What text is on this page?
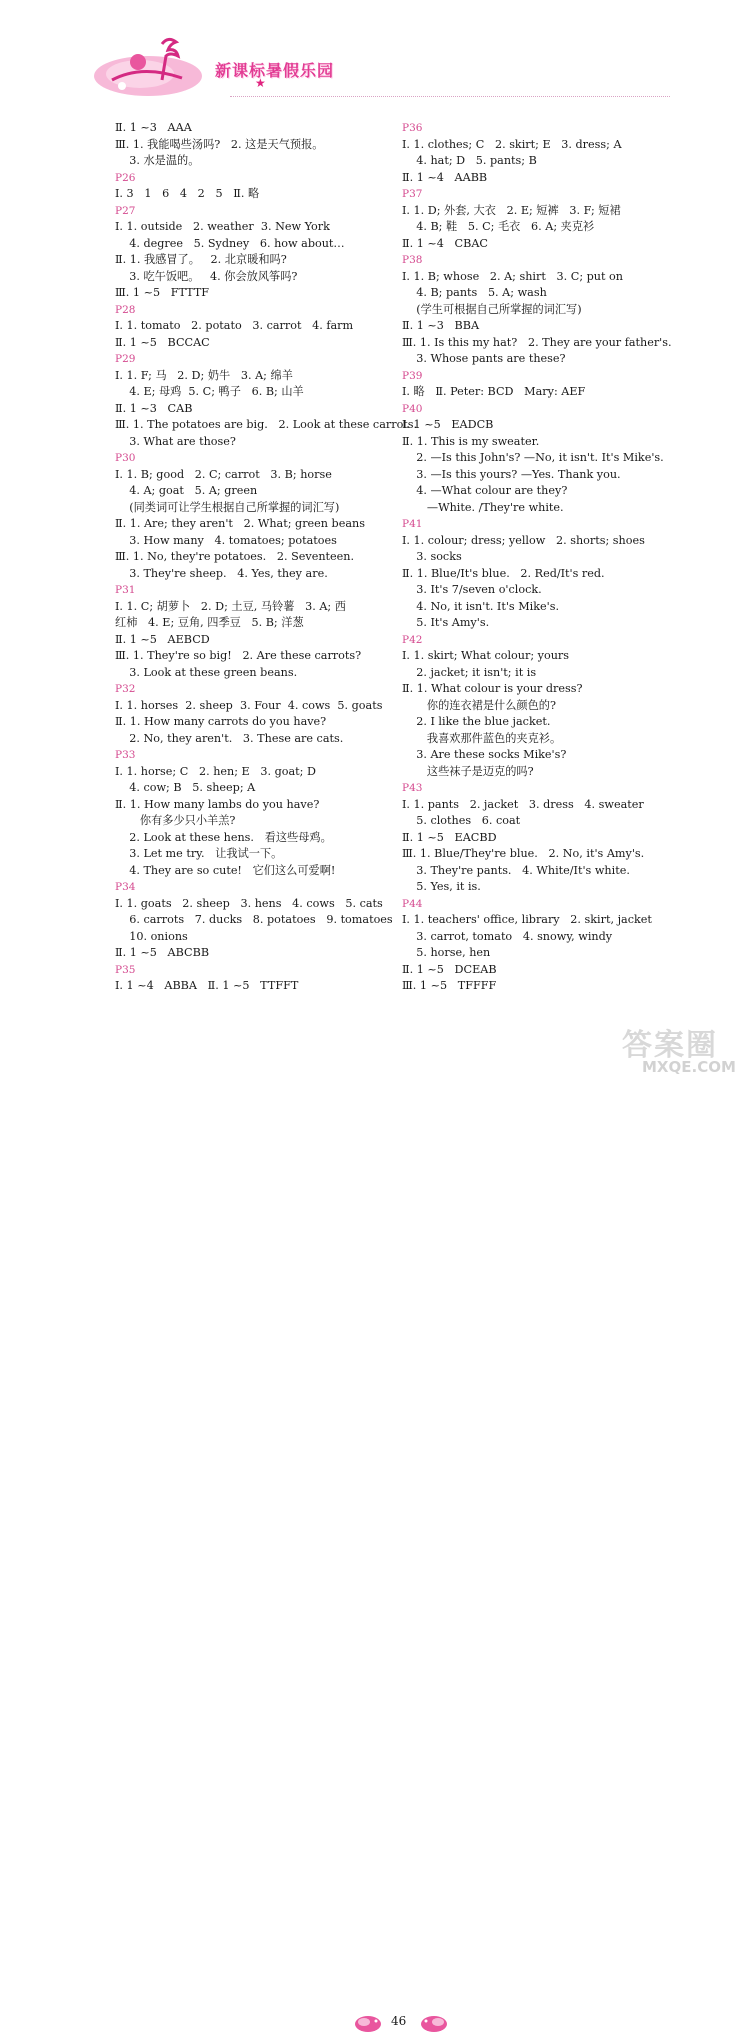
新课标暑假乐园
★
Ⅱ. 1 ~3   AAA
Ⅲ. 1. 我能喝些汤吗?   2. 这是天气预报。
3. 水是温的。
P26
Ⅰ. 3   1   6   4   2   5   Ⅱ. 略
P27
Ⅰ. 1. outside   2. weather  3. New York
4. degree   5. Sydney   6. how about…
Ⅱ. 1. 我感冒了。   2. 北京暖和吗?
3. 吃午饭吧。   4. 你会放风筝吗?
Ⅲ. 1 ~5   FTTTF
P28
Ⅰ. 1. tomato   2. potato   3. carrot   4. farm
Ⅱ. 1 ~5   BCCAC
P29
Ⅰ. 1. F; 马   2. D; 奶牛   3. A; 绵羊
4. E; 母鸡  5. C; 鸭子   6. B; 山羊
Ⅱ. 1 ~3   CAB
Ⅲ. 1. The potatoes are big.   2. Look at these carrots.
3. What are those?
P30
Ⅰ. 1. B; good   2. C; carrot   3. B; horse
4. A; goat   5. A; green
(同类词可让学生根据自己所掌握的词汇写)
Ⅱ. 1. Are; they aren't   2. What; green beans
3. How many   4. tomatoes; potatoes
Ⅲ. 1. No, they're potatoes.   2. Seventeen.
3. They're sheep.   4. Yes, they are.
P31
Ⅰ. 1. C; 胡萝卜   2. D; 土豆, 马铃薯   3. A; 西
红柿   4. E; 豆角, 四季豆   5. B; 洋葱
Ⅱ. 1 ~5   AEBCD
Ⅲ. 1. They're so big!   2. Are these carrots?
3. Look at these green beans.
P32
Ⅰ. 1. horses  2. sheep  3. Four  4. cows  5. goats
Ⅱ. 1. How many carrots do you have?
2. No, they aren't.   3. These are cats.
P33
Ⅰ. 1. horse; C   2. hen; E   3. goat; D
4. cow; B   5. sheep; A
Ⅱ. 1. How many lambs do you have?
你有多少只小羊羔?
2. Look at these hens.   看这些母鸡。
3. Let me try.   让我试一下。
4. They are so cute!   它们这么可爱啊!
P34
Ⅰ. 1. goats   2. sheep   3. hens   4. cows   5. cats
6. carrots   7. ducks   8. potatoes   9. tomatoes
10. onions
Ⅱ. 1 ~5   ABCBB
P35
Ⅰ. 1 ~4   ABBA   Ⅱ. 1 ~5   TTFFT
P36
Ⅰ. 1. clothes; C   2. skirt; E   3. dress; A
4. hat; D   5. pants; B
Ⅱ. 1 ~4   AABB
P37
Ⅰ. 1. D; 外套, 大衣   2. E; 短裤   3. F; 短裙
4. B; 鞋   5. C; 毛衣   6. A; 夹克衫
Ⅱ. 1 ~4   CBAC
P38
Ⅰ. 1. B; whose   2. A; shirt   3. C; put on
4. B; pants   5. A; wash
(学生可根据自己所掌握的词汇写)
Ⅱ. 1 ~3   BBA
Ⅲ. 1. Is this my hat?   2. They are your father's.
3. Whose pants are these?
P39
Ⅰ. 略   Ⅱ. Peter: BCD   Mary: AEF
P40
Ⅰ. 1 ~5   EADCB
Ⅱ. 1. This is my sweater.
2. —Is this John's? —No, it isn't. It's Mike's.
3. —Is this yours? —Yes. Thank you.
4. —What colour are they?
—White. /They're white.
P41
Ⅰ. 1. colour; dress; yellow   2. shorts; shoes
3. socks
Ⅱ. 1. Blue/It's blue.   2. Red/It's red.
3. It's 7/seven o'clock.
4. No, it isn't. It's Mike's.
5. It's Amy's.
P42
Ⅰ. 1. skirt; What colour; yours
2. jacket; it isn't; it is
Ⅱ. 1. What colour is your dress?
你的连衣裙是什么颜色的?
2. I like the blue jacket.
我喜欢那件蓝色的夹克衫。
3. Are these socks Mike's?
这些袜子是迈克的吗?
P43
Ⅰ. 1. pants   2. jacket   3. dress   4. sweater
5. clothes   6. coat
Ⅱ. 1 ~5   EACBD
Ⅲ. 1. Blue/They're blue.   2. No, it's Amy's.
3. They're pants.   4. White/It's white.
5. Yes, it is.
P44
Ⅰ. 1. teachers' office, library   2. skirt, jacket
3. carrot, tomato   4. snowy, windy
5. horse, hen
Ⅱ. 1 ~5   DCEAB
Ⅲ. 1 ~5   TFFFF
46
答案圈
MXQE.COM
